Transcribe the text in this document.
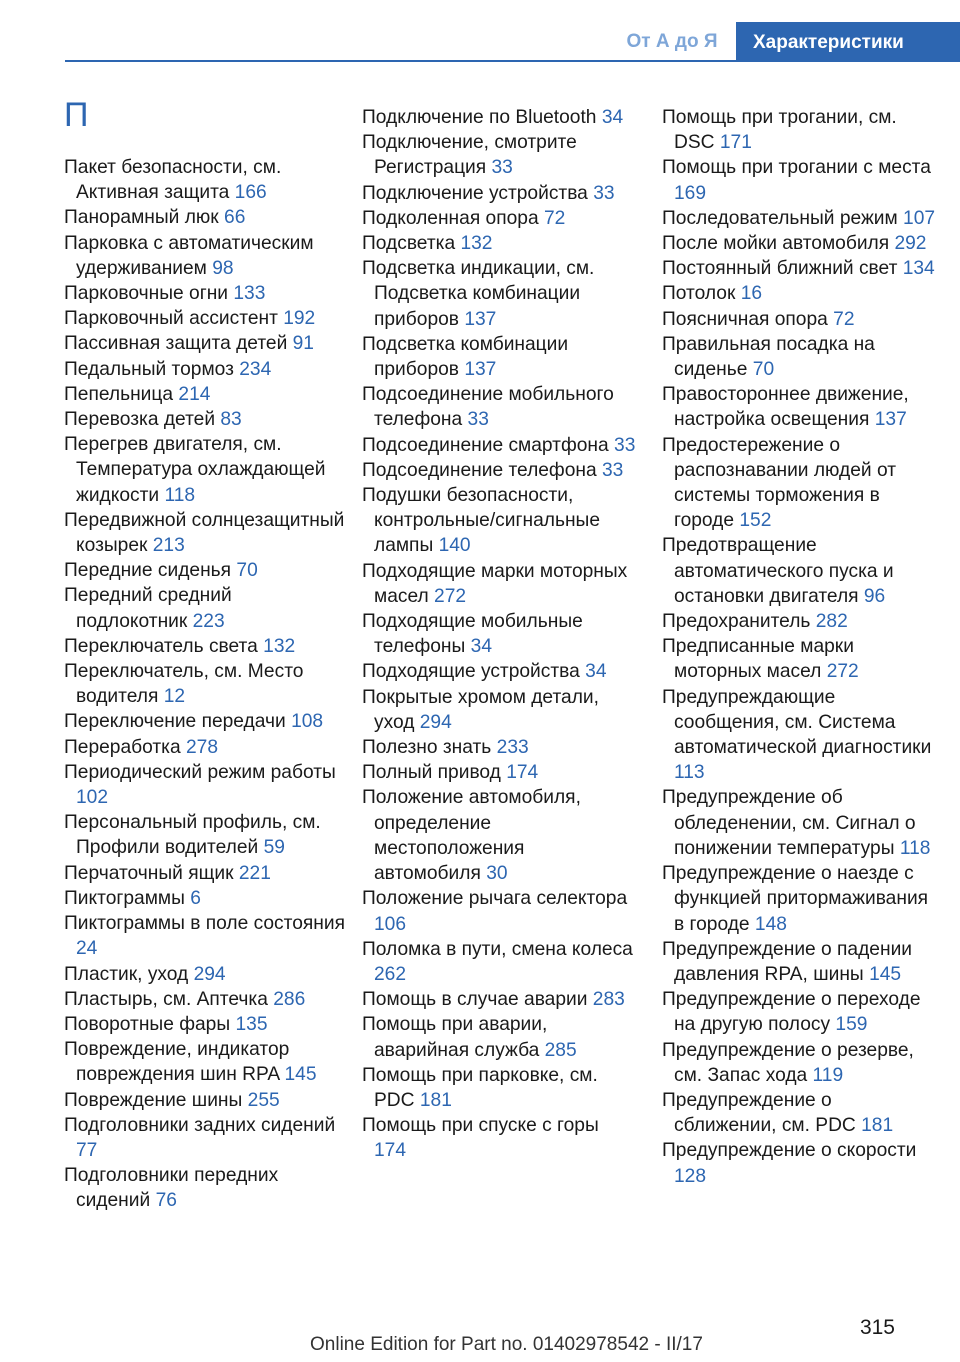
От А до Я	Характеристики
П

Пакет безопасности, см. Активная защита 166

Панорамный люк 66

Парковка с автоматическим удерживанием 98

Парковочные огни 133

Парковочный ассистент 192

Пассивная защита детей 91

Педальный тормоз 234

Пепельница 214

Перевозка детей 83

Перегрев двигателя, см. Температура охлаждающей жидкости 118

Передвижной солнцезащитный козырек 213

Передние сиденья 70

Передний средний подлокотник 223

Переключатель света 132

Переключатель, см. Место водителя 12

Переключение передачи 108

Переработка 278

Периодический режим работы 102

Персональный профиль, см. Профили водителей 59

Перчаточный ящик 221

Пиктограммы 6

Пиктограммы в поле состояния 24

Пластик, уход 294

Пластырь, см. Аптечка 286

Поворотные фары 135

Повреждение, индикатор повреждения шин RPA 145

Повреждение шины 255

Подголовники задних сидений 77

Подголовники передних сидений 76

Подключение по Bluetooth 34

Подключение, смотрите Регистрация 33

Подключение устройства 33

Подколенная опора 72

Подсветка 132

Подсветка индикации, см. Подсветка комбинации приборов 137

Подсветка комбинации приборов 137

Подсоединение мобильного телефона 33

Подсоединение смартфона 33

Подсоединение телефона 33

Подушки безопасности, контрольные/сигнальные лампы 140

Подходящие марки моторных масел 272

Подходящие мобильные телефоны 34

Подходящие устройства 34

Покрытые хромом детали, уход 294

Полезно знать 233

Полный привод 174

Положение автомобиля, определение местоположения автомобиля 30

Положение рычага селектора 106

Поломка в пути, смена колеса 262

Помощь в случае аварии 283

Помощь при аварии, аварийная служба 285

Помощь при парковке, см. PDC 181

Помощь при спуске с горы 174

Помощь при трогании, см. DSC 171

Помощь при трогании с места 169

Последовательный режим 107

После мойки автомобиля 292

Постоянный ближний свет 134

Потолок 16

Поясничная опора 72

Правильная посадка на сиденье 70

Правостороннее движение, настройка освещения 137

Предостережение о распознавании людей от системы торможения в городе 152

Предотвращение автоматического пуска и остановки двигателя 96

Предохранитель 282

Предписанные марки моторных масел 272

Предупреждающие сообщения, см. Система автоматической диагностики 113

Предупреждение об обледенении, см. Сигнал о понижении температуры 118

Предупреждение о наезде с функцией притормаживания в городе 148

Предупреждение о падении давления RPA, шины 145

Предупреждение о переходе на другую полосу 159

Предупреждение о резерве, см. Запас хода 119

Предупреждение о сближении, см. PDC 181

Предупреждение о скорости 128

315
Online Edition for Part no. 01402978542 - II/17
